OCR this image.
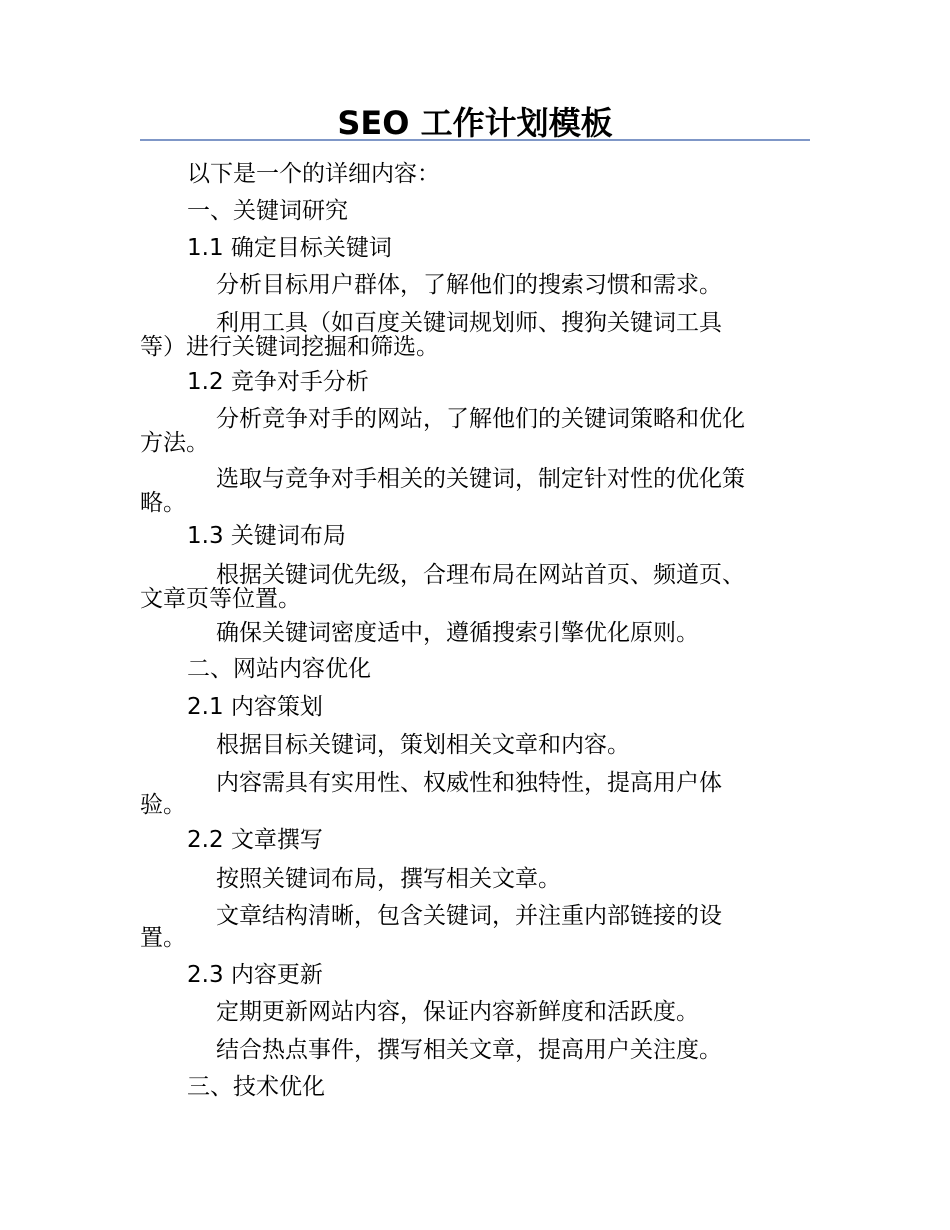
SEO 工作计划模板
以下是一个的详细内容：
一、关键词研究
1.1 确定目标关键词
分析目标用户群体，了解他们的搜索习惯和需求。
利用工具（如百度关键词规划师、搜狗关键词工具
等）进行关键词挖掘和筛选。
1.2 竞争对手分析
分析竞争对手的网站，了解他们的关键词策略和优化
方法。
选取与竞争对手相关的关键词，制定针对性的优化策
略。
1.3 关键词布局
根据关键词优先级，合理布局在网站首页、频道页、
文章页等位置。
确保关键词密度适中，遵循搜索引擎优化原则。
二、网站内容优化
2.1 内容策划
根据目标关键词，策划相关文章和内容。
内容需具有实用性、权威性和独特性，提高用户体
验。
2.2 文章撰写
按照关键词布局，撰写相关文章。
文章结构清晰，包含关键词，并注重内部链接的设
置。
2.3 内容更新
定期更新网站内容，保证内容新鲜度和活跃度。
结合热点事件，撰写相关文章，提高用户关注度。
三、技术优化
